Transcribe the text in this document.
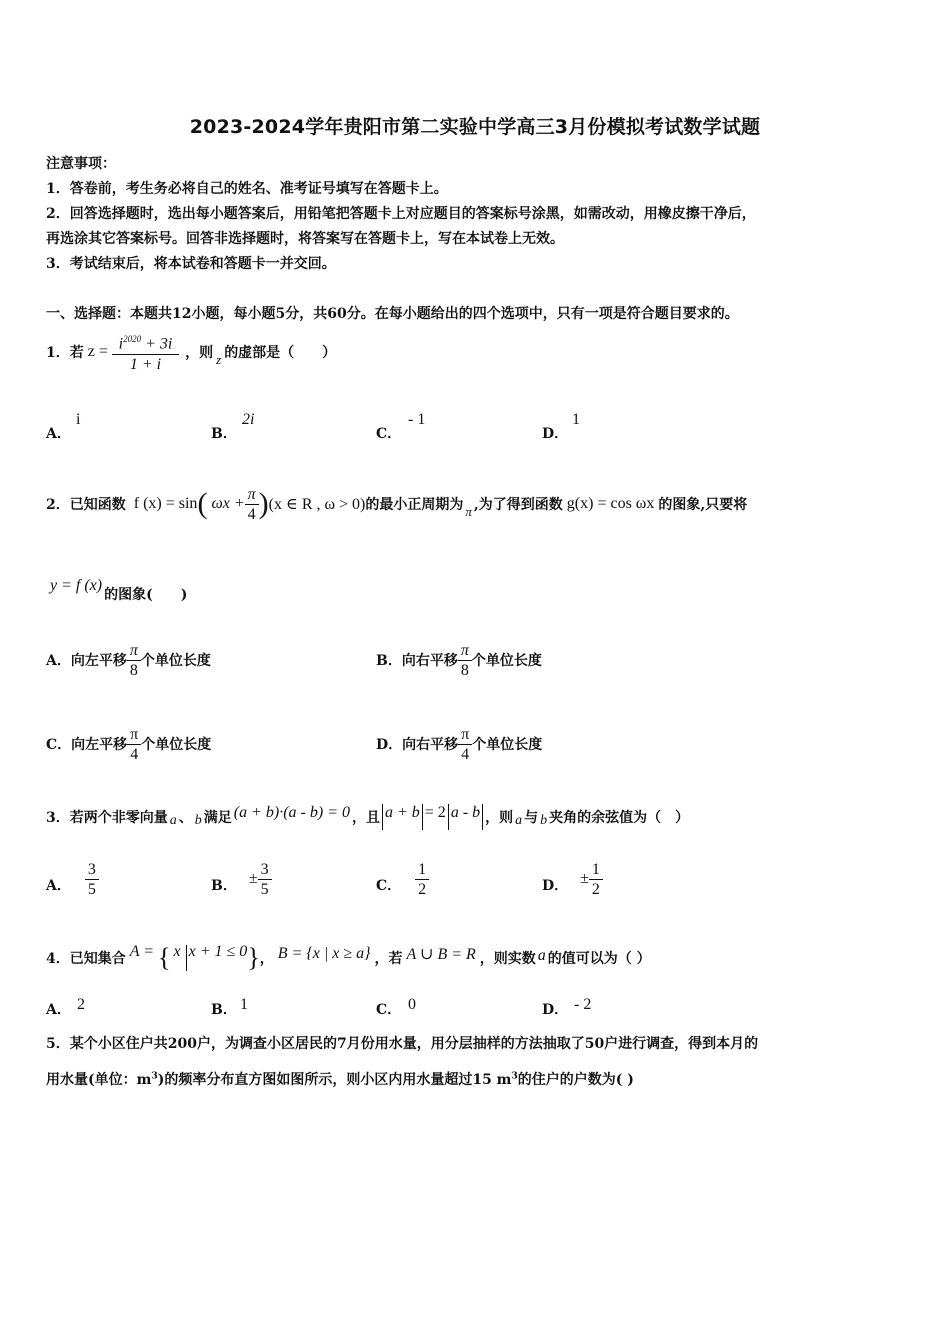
2023-2024学年贵阳市第二实验中学高三3月份模拟考试数学试题
注意事项：
1．答卷前，考生务必将自己的姓名、准考证号填写在答题卡上。
2．回答选择题时，选出每小题答案后，用铅笔把答题卡上对应题目的答案标号涂黑，如需改动，用橡皮擦干净后，
再选涂其它答案标号。回答非选择题时，将答案写在答题卡上，写在本试卷上无效。
3．考试结束后，将本试卷和答题卡一并交回。
一、选择题：本题共12小题，每小题5分，共60分。在每小题给出的四个选项中，只有一项是符合题目要求的。
1．若 $z = \frac{i^{2020} + 3i}{1 + i}$ ，则 z 的虚部是（　　）
A．
i
B．
2i
C．
- 1
D．
1
2．已知函数 f (x) = sin ( $\omega x + \frac{\pi}{4}$ ) (x ∈ R , ω > 0) 的最小正周期为 π ,为了得到函数 g(x) = cos ωx 的图象,只要将
y = f (x)
的图象(　　)
A．向左平移 $\frac{\pi}{8}$ 个单位长度	B．向右平移 $\frac{\pi}{8}$ 个单位长度
C．向左平移 $\frac{\pi}{4}$ 个单位长度	D．向右平移 $\frac{\pi}{4}$ 个单位长度
3．若两个非零向量 a 、 b 满足 (a + b)·(a - b) = 0 ，且 a + b = 2 a - b ，则 a 与 b 夹角的余弦值为（　）
A． $\frac{3}{5}$	B． ± $\frac{3}{5}$	C． $\frac{1}{2}$	D． ± $\frac{1}{2}$
4．已知集合 A = { x x + 1 ≤ 0 } ， B = {x | x ≥ a} ，若 A ∪ B = R ，则实数 a 的值可以为（ ）
A． 2	B． 1	C． 0	D． - 2
5．某个小区住户共200户，为调查小区居民的7月份用水量，用分层抽样的方法抽取了50户进行调查，得到本月的
用水量(单位：$m^3$)的频率分布直方图如图所示，则小区内用水量超过15 $m^3$的住户的户数为( )
